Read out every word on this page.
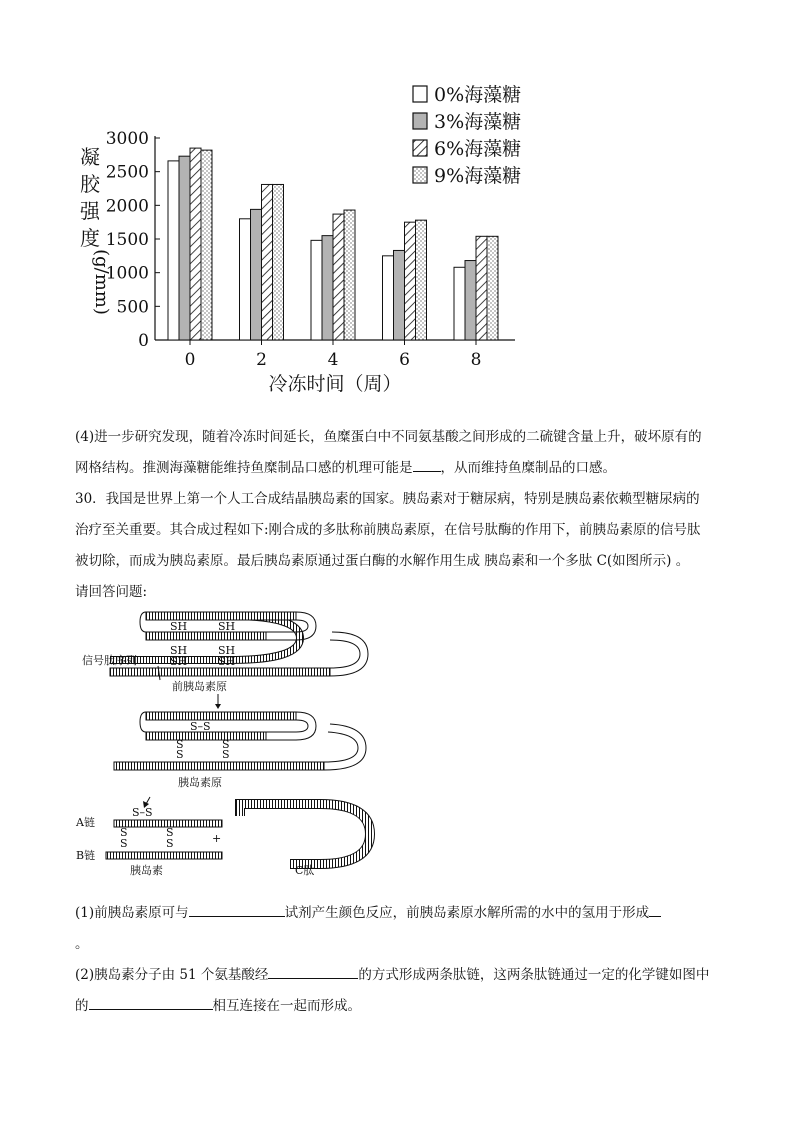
0
500
1000
1500
2000
2500
3000
0	2	4	6	8
0%海藻糖
3%海藻糖
6%海藻糖
9%海藻糖
冷冻时间（周）
凝
胶
强
度
(g/mm)
(4)进一步研究发现，随着冷冻时间延长，鱼糜蛋白中不同氨基酸之间形成的二硫键含量上升，破坏原有的
网格结构。推测海藻糖能维持鱼糜制品口感的机理可能是 ，从而维持鱼糜制品的口感。
30．我国是世界上第一个人工合成结晶胰岛素的国家。胰岛素对于糖尿病，特别是胰岛素依赖型糖尿病的
治疗至关重要。其合成过程如下:刚合成的多肽称前胰岛素原，在信号肽酶的作用下，前胰岛素原的信号肽
被切除，而成为胰岛素原。最后胰岛素原通过蛋白酶的水解作用生成 胰岛素和一个多肽 C(如图所示) 。
请回答问题:
SH	SH
SH	SH
SH	SH
信号肽序列
前胰岛素原
S–S
S
S
S
S
胰岛素原
S–S
A链
B链
S
S
S
S
胰岛素
+
C肽
(1)前胰岛素原可与	试剂产生颜色反应，前胰岛素原水解所需的水中的氢用于形成
。
(2)胰岛素分子由 51 个氨基酸经	的方式形成两条肽链，这两条肽链通过一定的化学键如图中
的	相互连接在一起而形成。
